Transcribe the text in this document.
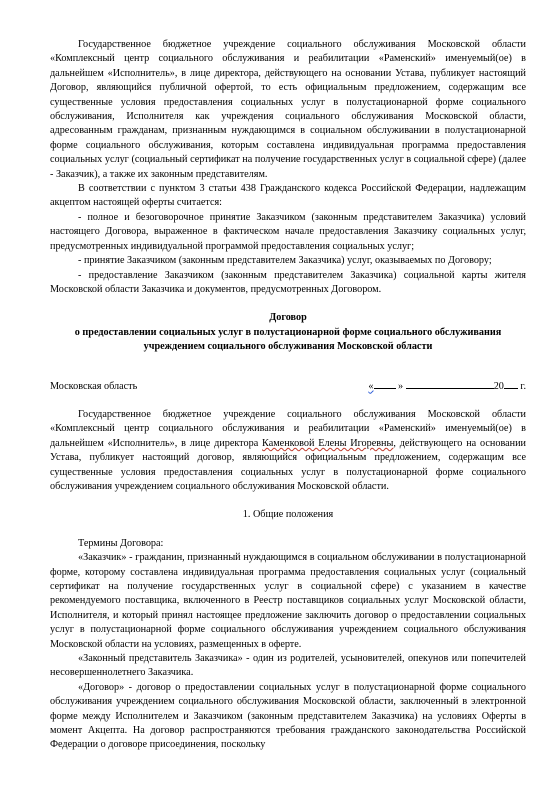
Государственное бюджетное учреждение социального обслуживания Московской области «Комплексный центр социального обслуживания и реабилитации «Раменский» именуемый(ое) в дальнейшем «Исполнитель», в лице директора, действующего на основании Устава, публикует настоящий Договор, являющийся публичной офертой, то есть официальным предложением, содержащим все существенные условия предоставления социальных услуг в полустационарной форме социального обслуживания, Исполнителя как учреждения социального обслуживания Московской области, адресованным гражданам, признанным нуждающимся в социальном обслуживании в полустационарной форме социального обслуживания, которым составлена индивидуальная программа предоставления социальных услуг (социальный сертификат на получение государственных услуг в социальной сфере) (далее - Заказчик), а также их законным представителям.

В соответствии с пунктом 3 статьи 438 Гражданского кодекса Российской Федерации, надлежащим акцептом настоящей оферты считается:

- полное и безоговорочное принятие Заказчиком (законным представителем Заказчика) условий настоящего Договора, выраженное в фактическом начале предоставления Заказчику социальных услуг, предусмотренных индивидуальной программой предоставления социальных услуг;

- принятие Заказчиком (законным представителем Заказчика) услуг, оказываемых по Договору;

- предоставление Заказчиком (законным представителем Заказчика) социальной карты жителя Московской области Заказчика и документов, предусмотренных Договором.

Договор

о предоставлении социальных услуг в полустационарной форме социального обслуживания

учреждением социального обслуживания Московской области

Московская область	« »	20 г.

Государственное бюджетное учреждение социального обслуживания Московской области «Комплексный центр социального обслуживания и реабилитации «Раменский» именуемый(ое) в дальнейшем «Исполнитель», в лице директора Каменковой Елены Игоревны, действующего на основании Устава, публикует настоящий договор, являющийся официальным предложением, содержащим все существенные условия предоставления социальных услуг в полустационарной форме социального обслуживания учреждением социального обслуживания Московской области.

1. Общие положения

Термины Договора:

«Заказчик» - гражданин, признанный нуждающимся в социальном обслуживании в полустационарной форме, которому составлена индивидуальная программа предоставления социальных услуг (социальный сертификат на получение государственных услуг в социальной сфере) с указанием в качестве рекомендуемого поставщика, включенного в Реестр поставщиков социальных услуг Московской области, Исполнителя, и который принял настоящее предложение заключить договор о предоставлении социальных услуг в полустационарной форме социального обслуживания учреждением социального обслуживания Московской области на условиях, размещенных в оферте.

«Законный представитель Заказчика» - один из родителей, усыновителей, опекунов или попечителей несовершеннолетнего Заказчика.

«Договор» - договор о предоставлении социальных услуг в полустационарной форме социального обслуживания учреждением социального обслуживания Московской области, заключенный в электронной форме между Исполнителем и Заказчиком (законным представителем Заказчика) на условиях Оферты в момент Акцепта. На договор распространяются требования гражданского законодательства Российской Федерации о договоре присоединения, поскольку
